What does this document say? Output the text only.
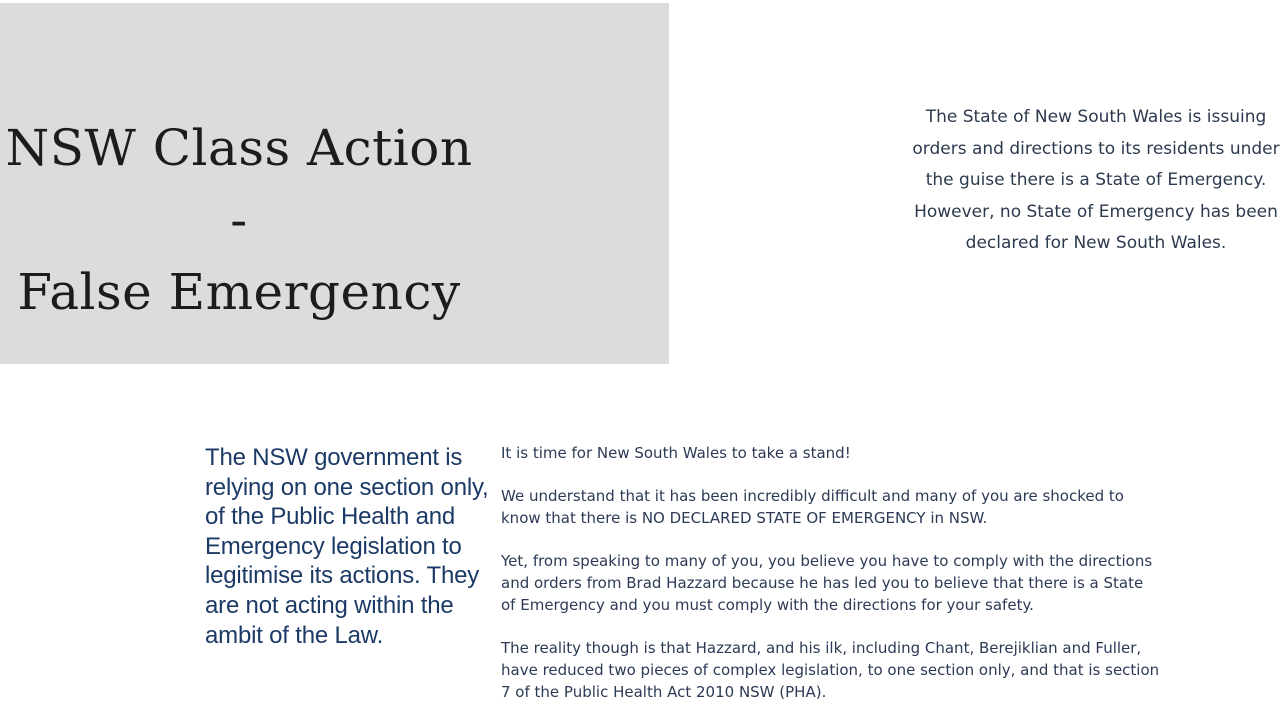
NSW Class Action -
False Emergency

The State of New South Wales is issuing orders and directions to its residents under the guise there is a State of Emergency. However, no State of Emergency has been declared for New South Wales.

The NSW government is relying on one section only, of the Public Health and Emergency legislation to legitimise its actions. They are not acting within the ambit of the Law.

It is time for New South Wales to take a stand!

We understand that it has been incredibly difficult and many of you are shocked to know that there is NO DECLARED STATE OF EMERGENCY in NSW.

Yet, from speaking to many of you, you believe you have to comply with the directions and orders from Brad Hazzard because he has led you to believe that there is a State of Emergency and you must comply with the directions for your safety.

The reality though is that Hazzard, and his ilk, including Chant, Berejiklian and Fuller, have reduced two pieces of complex legislation, to one section only, and that is section 7 of the Public Health Act 2010 NSW (PHA).
